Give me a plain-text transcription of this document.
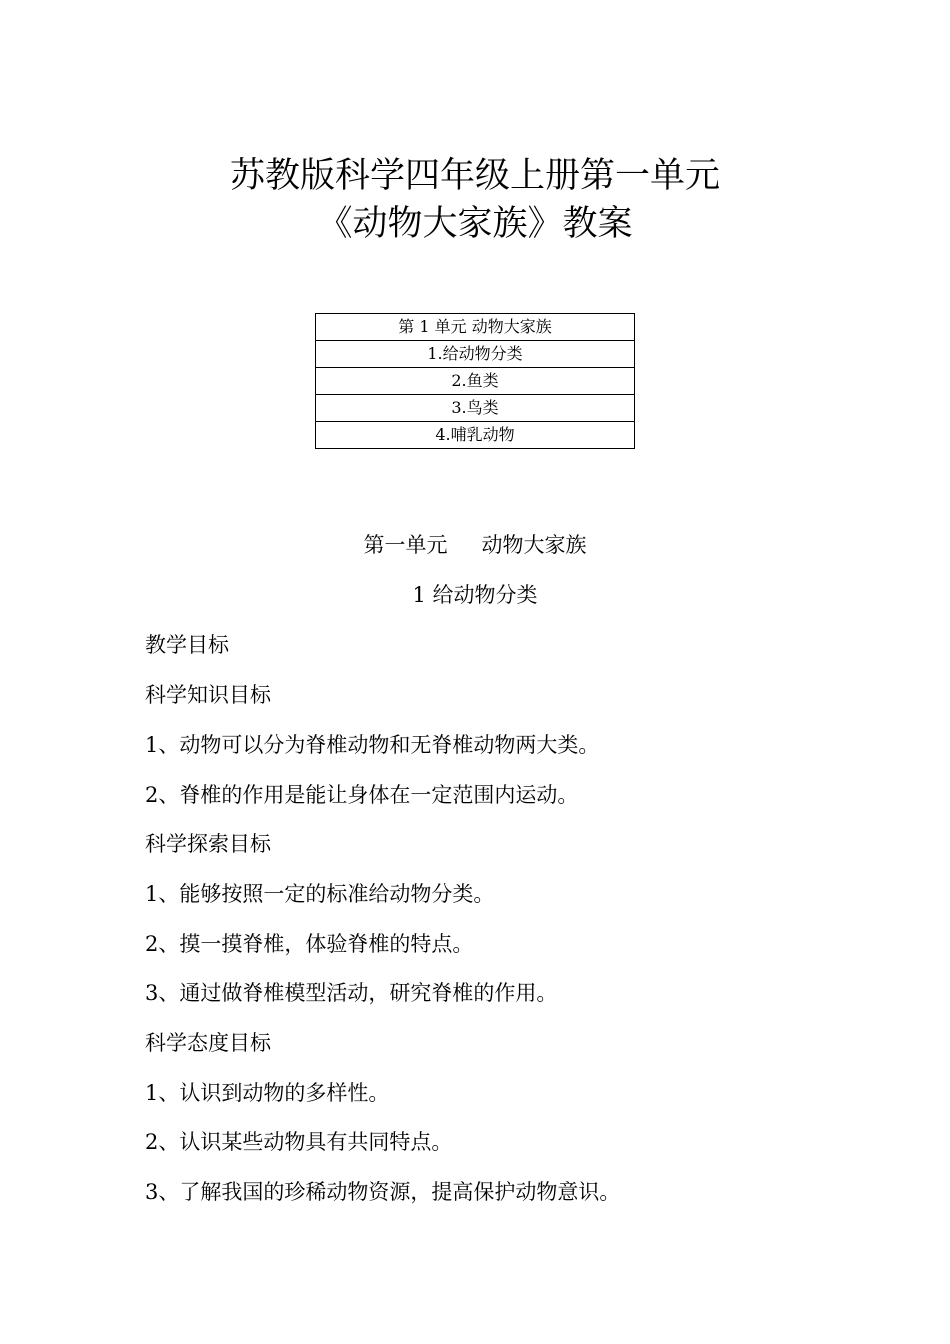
苏教版科学四年级上册第一单元
《动物大家族》教案
第 1 单元 动物大家族
1.给动物分类
2.鱼类
3.鸟类
4.哺乳动物
第一单元 动物大家族
1 给动物分类
教学目标
科学知识目标
1、动物可以分为脊椎动物和无脊椎动物两大类。
2、脊椎的作用是能让身体在一定范围内运动。
科学探索目标
1、能够按照一定的标准给动物分类。
2、摸一摸脊椎，体验脊椎的特点。
3、通过做脊椎模型活动，研究脊椎的作用。
科学态度目标
1、认识到动物的多样性。
2、认识某些动物具有共同特点。
3、了解我国的珍稀动物资源，提高保护动物意识。
